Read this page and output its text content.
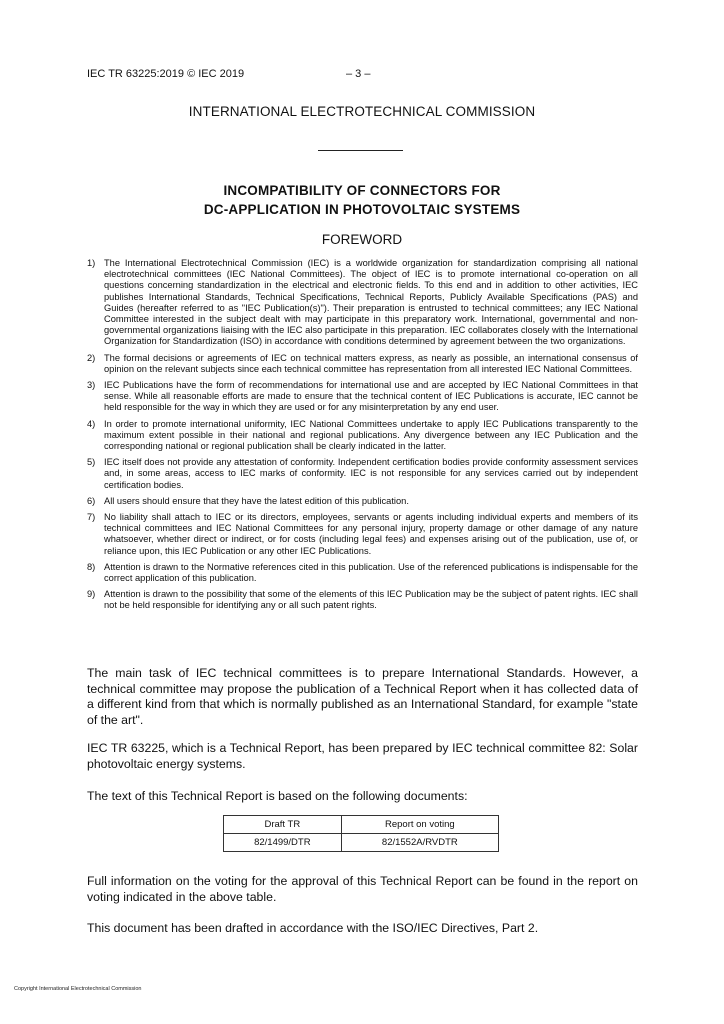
IEC TR 63225:2019 © IEC 2019	– 3 –
INTERNATIONAL ELECTROTECHNICAL COMMISSION
INCOMPATIBILITY OF CONNECTORS FOR
DC-APPLICATION IN PHOTOVOLTAIC SYSTEMS
FOREWORD
1) The International Electrotechnical Commission (IEC) is a worldwide organization for standardization comprising all national electrotechnical committees (IEC National Committees). The object of IEC is to promote international co-operation on all questions concerning standardization in the electrical and electronic fields. To this end and in addition to other activities, IEC publishes International Standards, Technical Specifications, Technical Reports, Publicly Available Specifications (PAS) and Guides (hereafter referred to as "IEC Publication(s)"). Their preparation is entrusted to technical committees; any IEC National Committee interested in the subject dealt with may participate in this preparatory work. International, governmental and non-governmental organizations liaising with the IEC also participate in this preparation. IEC collaborates closely with the International Organization for Standardization (ISO) in accordance with conditions determined by agreement between the two organizations.
2) The formal decisions or agreements of IEC on technical matters express, as nearly as possible, an international consensus of opinion on the relevant subjects since each technical committee has representation from all interested IEC National Committees.
3) IEC Publications have the form of recommendations for international use and are accepted by IEC National Committees in that sense. While all reasonable efforts are made to ensure that the technical content of IEC Publications is accurate, IEC cannot be held responsible for the way in which they are used or for any misinterpretation by any end user.
4) In order to promote international uniformity, IEC National Committees undertake to apply IEC Publications transparently to the maximum extent possible in their national and regional publications. Any divergence between any IEC Publication and the corresponding national or regional publication shall be clearly indicated in the latter.
5) IEC itself does not provide any attestation of conformity. Independent certification bodies provide conformity assessment services and, in some areas, access to IEC marks of conformity. IEC is not responsible for any services carried out by independent certification bodies.
6) All users should ensure that they have the latest edition of this publication.
7) No liability shall attach to IEC or its directors, employees, servants or agents including individual experts and members of its technical committees and IEC National Committees for any personal injury, property damage or other damage of any nature whatsoever, whether direct or indirect, or for costs (including legal fees) and expenses arising out of the publication, use of, or reliance upon, this IEC Publication or any other IEC Publications.
8) Attention is drawn to the Normative references cited in this publication. Use of the referenced publications is indispensable for the correct application of this publication.
9) Attention is drawn to the possibility that some of the elements of this IEC Publication may be the subject of patent rights. IEC shall not be held responsible for identifying any or all such patent rights.

The main task of IEC technical committees is to prepare International Standards. However, a technical committee may propose the publication of a Technical Report when it has collected data of a different kind from that which is normally published as an International Standard, for example "state of the art".

IEC TR 63225, which is a Technical Report, has been prepared by IEC technical committee 82: Solar photovoltaic energy systems.

The text of this Technical Report is based on the following documents:

Draft TR	Report on voting
82/1499/DTR	82/1552A/RVDTR

Full information on the voting for the approval of this Technical Report can be found in the report on voting indicated in the above table.

This document has been drafted in accordance with the ISO/IEC Directives, Part 2.

Copyright International Electrotechnical Commission
